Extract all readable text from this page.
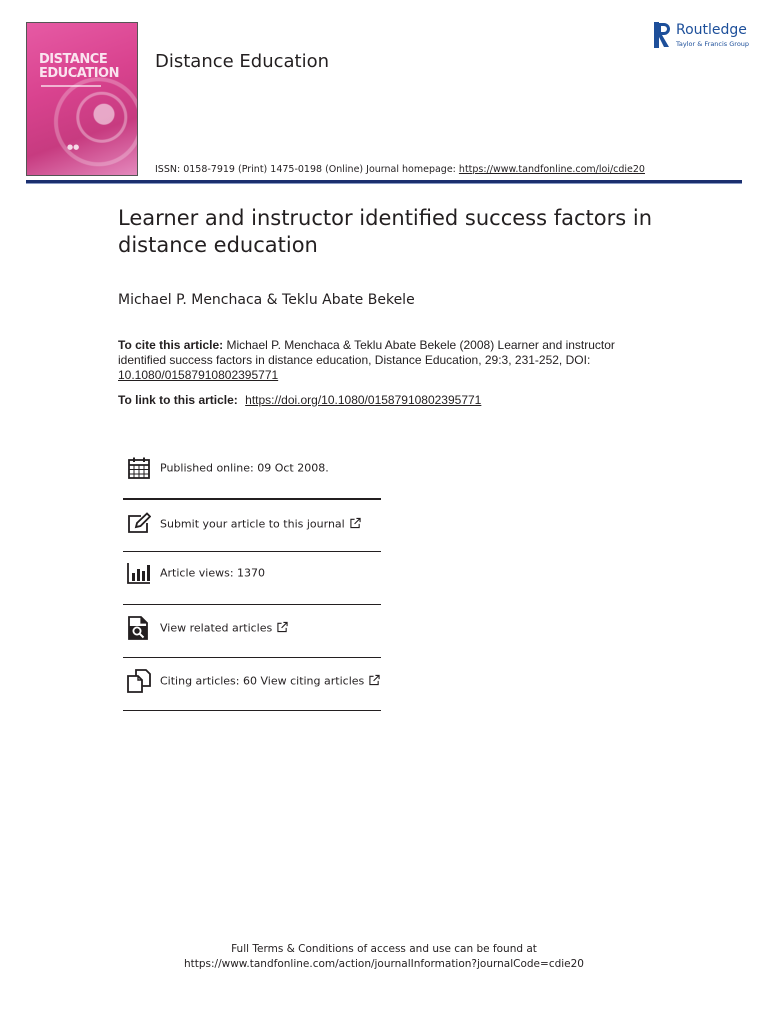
DISTANCE EDUCATION
●●
Distance Education
ISSN: 0158-7919 (Print) 1475-0198 (Online) Journal homepage: https://www.tandfonline.com/loi/cdie20
Routledge
Taylor & Francis Group
Learner and instructor identified success factors in distance education
Michael P. Menchaca & Teklu Abate Bekele
To cite this article: Michael P. Menchaca & Teklu Abate Bekele (2008) Learner and instructor identified success factors in distance education, Distance Education, 29:3, 231-252, DOI: 10.1080/01587910802395771
To link to this article: https://doi.org/10.1080/01587910802395771
Published online: 09 Oct 2008.
Submit your article to this journal
Article views: 1370
View related articles
Citing articles: 60 View citing articles
Full Terms & Conditions of access and use can be found at
https://www.tandfonline.com/action/journalInformation?journalCode=cdie20
